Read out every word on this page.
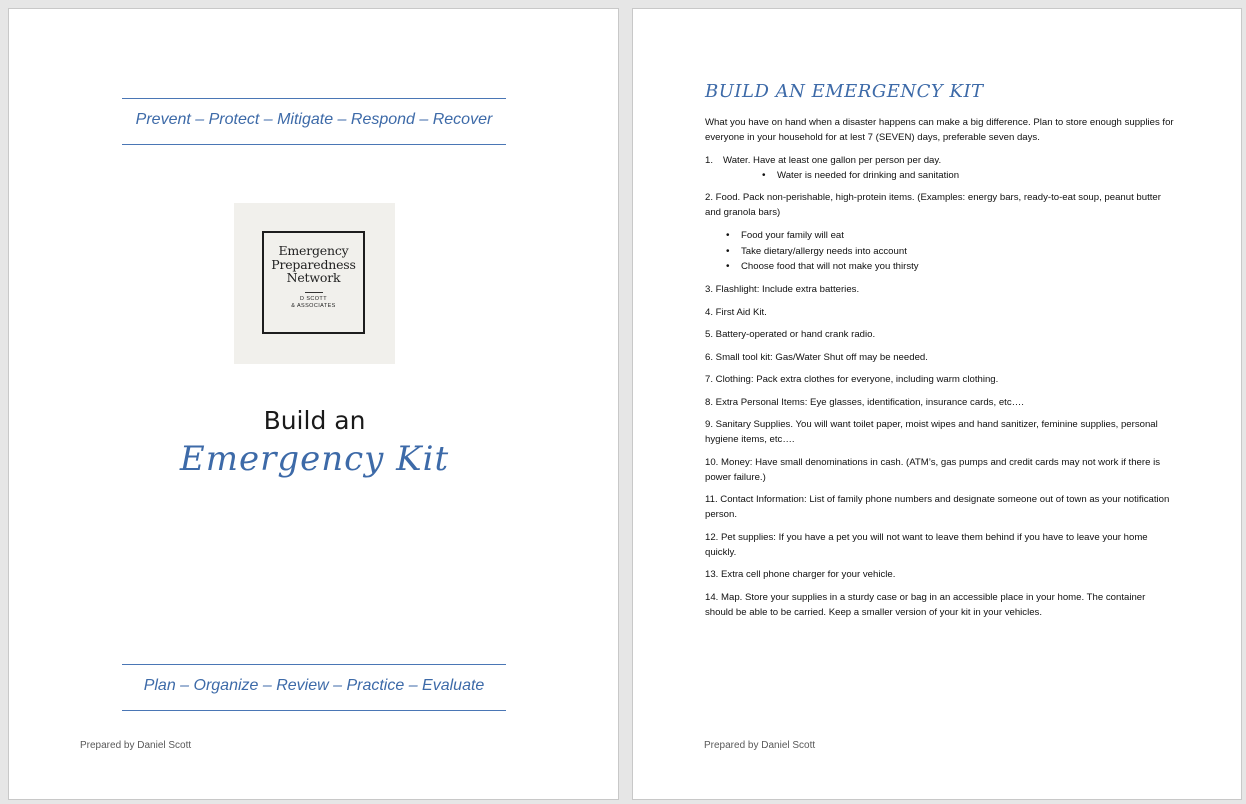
Prevent – Protect – Mitigate – Respond – Recover
Emergency
Preparedness
Network
D SCOTT
& ASSOCIATES
Build an
Emergency Kit
Plan – Organize – Review – Practice – Evaluate
Prepared by Daniel Scott
BUILD AN EMERGENCY KIT

What you have on hand when a disaster happens can make a big difference. Plan to store enough supplies for everyone in your household for at lest 7 (SEVEN) days, preferable seven days.

1. Water. Have at least one gallon per person per day.

• Water is needed for drinking and sanitation

2. Food. Pack non-perishable, high-protein items. (Examples: energy bars, ready-to-eat soup, peanut butter and granola bars)

• Food your family will eat
• Take dietary/allergy needs into account
• Choose food that will not make you thirsty

3. Flashlight: Include extra batteries.

4. First Aid Kit.

5. Battery-operated or hand crank radio.

6. Small tool kit: Gas/Water Shut off may be needed.

7. Clothing: Pack extra clothes for everyone, including warm clothing.

8. Extra Personal Items: Eye glasses, identification, insurance cards, etc….

9. Sanitary Supplies. You will want toilet paper, moist wipes and hand sanitizer, feminine supplies, personal hygiene items, etc….

10. Money: Have small denominations in cash. (ATM’s, gas pumps and credit cards may not work if there is power failure.)

11. Contact Information: List of family phone numbers and designate someone out of town as your notification person.

12. Pet supplies: If you have a pet you will not want to leave them behind if you have to leave your home quickly.

13. Extra cell phone charger for your vehicle.

14. Map. Store your supplies in a sturdy case or bag in an accessible place in your home. The container should be able to be carried. Keep a smaller version of your kit in your vehicles.

Prepared by Daniel Scott
